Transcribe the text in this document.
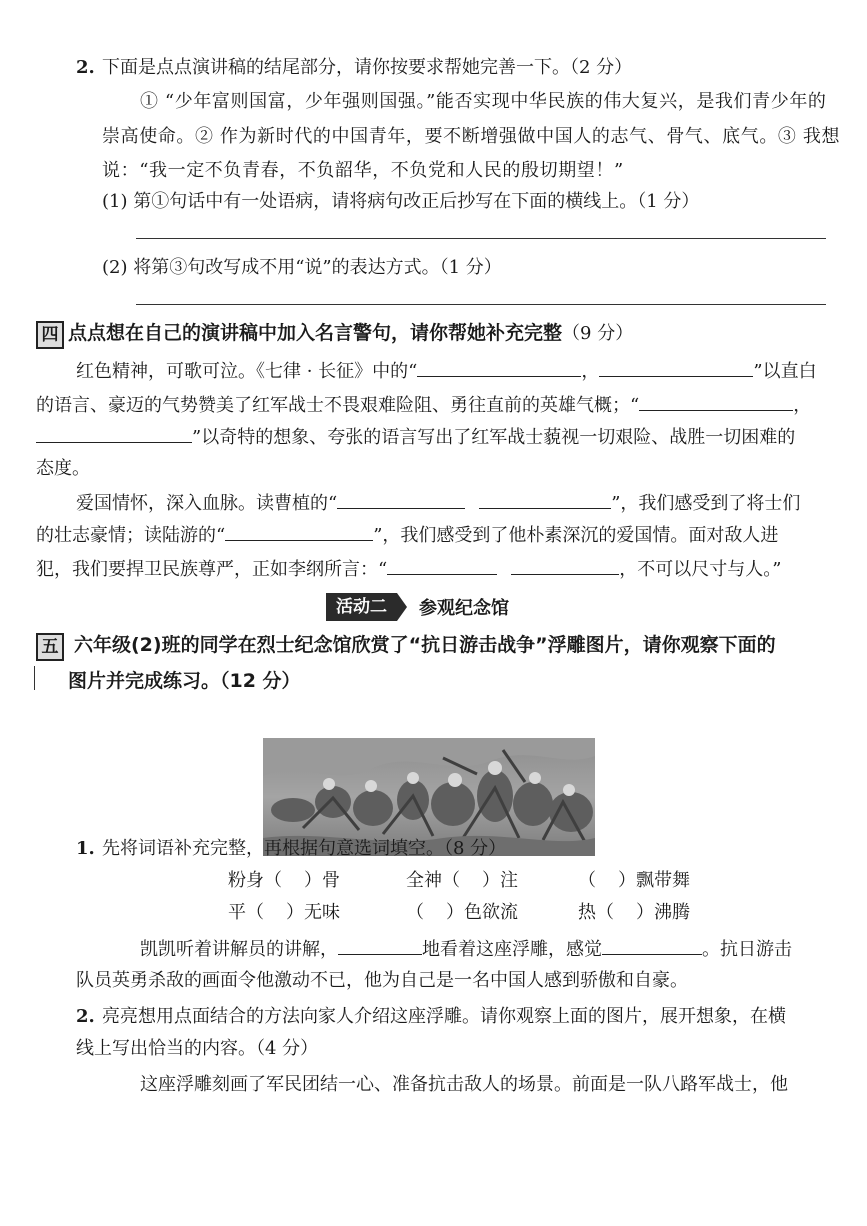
2. 下面是点点演讲稿的结尾部分，请你按要求帮她完善一下。（2 分）
① “少年富则国富，少年强则国强。”能否实现中华民族的伟大复兴，是我们青少年的
崇高使命。② 作为新时代的中国青年，要不断增强做中国人的志气、骨气、底气。③ 我想
说：“我一定不负青春，不负韶华，不负党和人民的殷切期望！”
(1) 第①句话中有一处语病，请将病句改正后抄写在下面的横线上。（1 分）
(2) 将第③句改写成不用“说”的表达方式。（1 分）
四 点点想在自己的演讲稿中加入名言警句，请你帮她补充完整（9 分）
红色精神，可歌可泣。《七律 · 长征》中的“	，	”以直白
的语言、豪迈的气势赞美了红军战士不畏艰难险阻、勇往直前的英雄气概；“	，
”以奇特的想象、夸张的语言写出了红军战士藐视一切艰险、战胜一切困难的
态度。
爱国情怀，深入血脉。读曹植的“	”，我们感受到了将士们
的壮志豪情；读陆游的“	”，我们感受到了他朴素深沉的爱国情。面对敌人进
犯，我们要捍卫民族尊严，正如李纲所言：“	，不可以尺寸与人。”
活动二	参观纪念馆
五 六年级(2)班的同学在烈士纪念馆欣赏了“抗日游击战争”浮雕图片，请你观察下面的
图片并完成练习。（12 分）
1. 先将词语补充完整，再根据句意选词填空。（8 分）
粉身（ ）骨	全神（ ）注	（ ）飘带舞
平（ ）无味	（ ）色欲流	热（ ）沸腾
凯凯听着讲解员的讲解，	地看着这座浮雕，感觉	。抗日游击
队员英勇杀敌的画面令他激动不已，他为自己是一名中国人感到骄傲和自豪。
2. 亮亮想用点面结合的方法向家人介绍这座浮雕。请你观察上面的图片，展开想象，在横
线上写出恰当的内容。（4 分）
这座浮雕刻画了军民团结一心、准备抗击敌人的场景。前面是一队八路军战士，他
